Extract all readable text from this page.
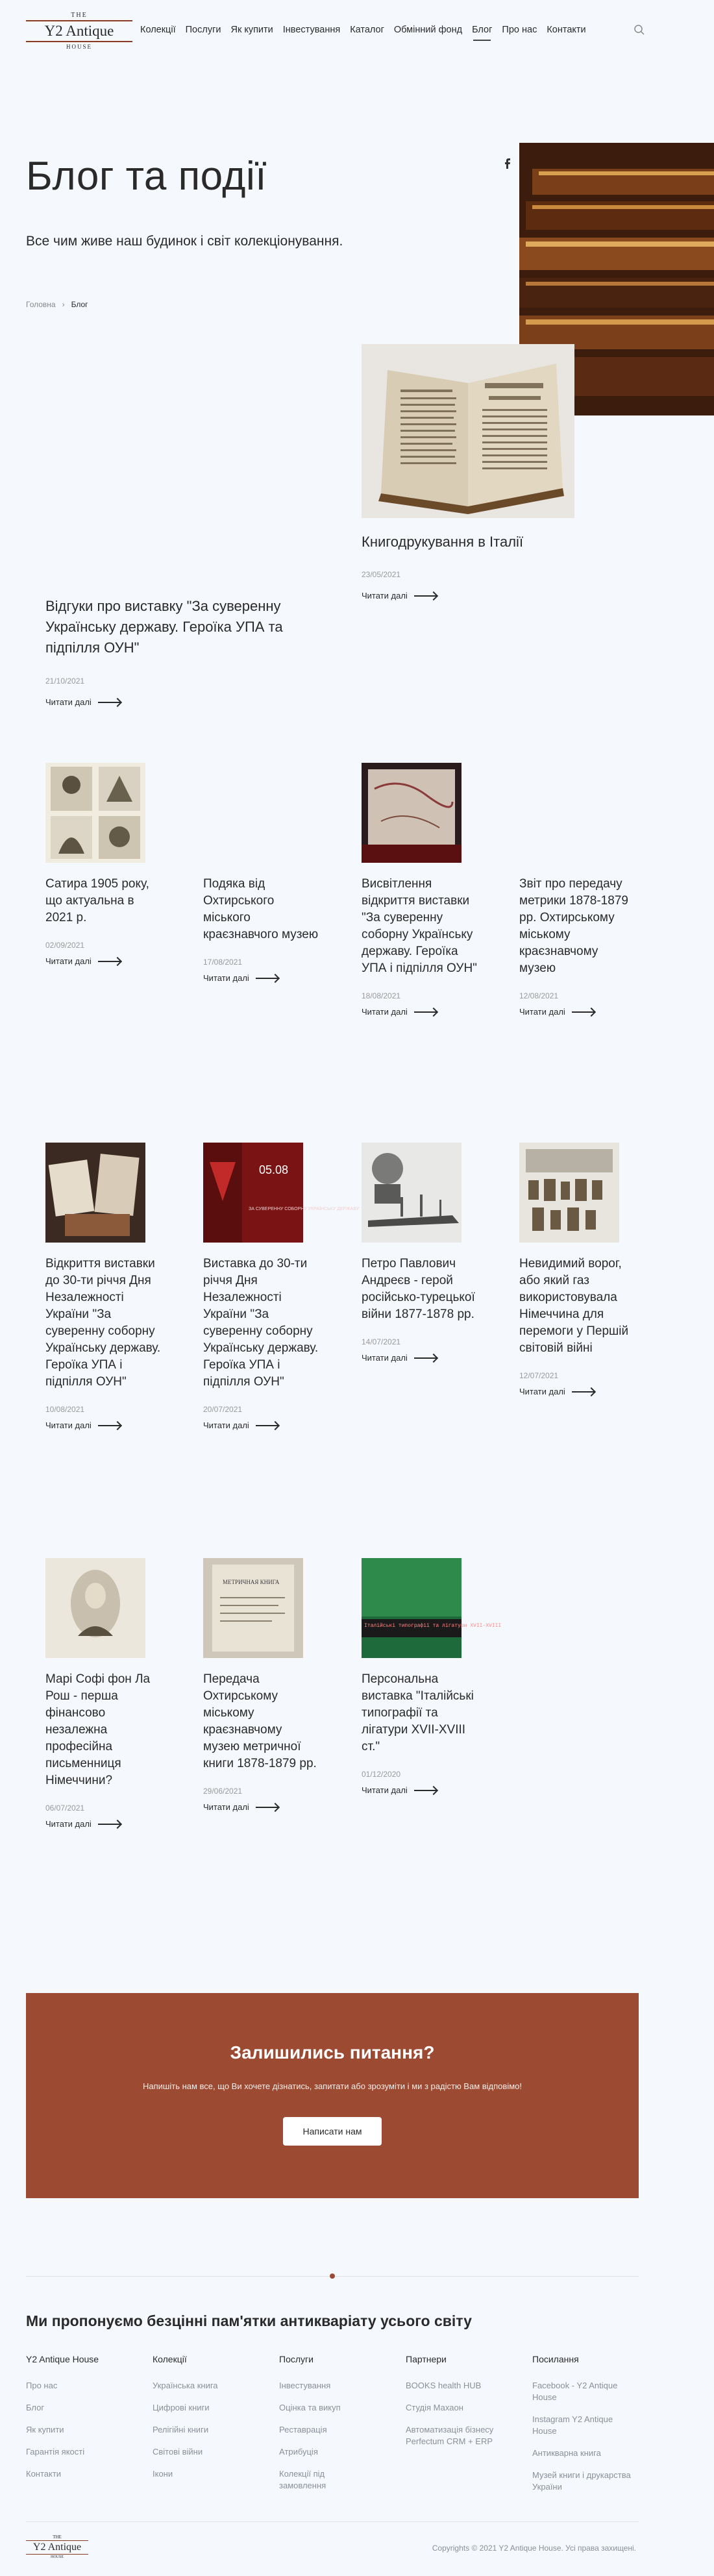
THE
Y2 Antique
HOUSE
Колекції Послуги Як купити Інвестування Каталог Обмінний фонд Блог Про нас Контакти
Блог та події

Все чим живе наш будинок і світ колекціонування.

Головна › Блог
Книгодрукування в Італії
23/05/2021
Читати далі
Відгуки про виставку "За суверенну Українську державу. Героїка УПА та підпілля ОУН"
21/10/2021
Читати далі
Сатира 1905 року, що актуальна в 2021 р.
02/09/2021
Читати далі
Подяка від Охтирського міського краєзнавчого музею
17/08/2021
Читати далі
Висвітлення відкриття виставки "За суверенну соборну Українську державу. Героїка УПА і підпілля ОУН"
18/08/2021
Читати далі
Звіт про передачу метрики 1878-1879 рр. Охтирському міському краєзнавчому музею
12/08/2021
Читати далі
Відкриття виставки до 30-ти річчя Дня Незалежності України "За суверенну соборну Українську державу. Героїка УПА і підпілля ОУН"
10/08/2021
Читати далі
05.08
ЗА СУВЕРЕННУ СОБОРНУ УКРАЇНСЬКУ ДЕРЖАВУ
Виставка до 30-ти річчя Дня Незалежності України "За суверенну соборну Українську державу. Героїка УПА і підпілля ОУН"
20/07/2021
Читати далі
Петро Павлович Андреєв - герой російсько-турецької війни 1877-1878 рр.
14/07/2021
Читати далі
Невидимий ворог, або який газ використовувала Німеччина для перемоги у Першій світовій війні
12/07/2021
Читати далі
Марі Софі фон Ла Рош - перша фінансово незалежна професійна письменниця Німеччини?
06/07/2021
Читати далі
МЕТРИЧНАЯ КНИГА
Передача Охтирському міському краєзнавчому музею метричної книги 1878-1879 рр.
29/06/2021
Читати далі
Італійські типографії та лігатури XVII-XVIII
Персональна виставка "Італійські типографії та лігатури XVII-XVIII ст."
01/12/2020
Читати далі
Залишились питання?

Напишіть нам все, що Ви хочете дізнатись, запитати або зрозуміти і ми з радістю Вам відповімо!

Написати нам
Ми пропонуємо безцінні пам'ятки антикваріату усього світу
Y2 Antique House
Про нас
Блог
Як купити
Гарантія якості
Контакти
Колекції
Українська книга
Цифрові книги
Релігійні книги
Світові війни
Ікони
Послуги
Інвестування
Оцінка та викуп
Реставрація
Атрибуція
Колекції під замовлення
Партнери
BOOKS health HUB
Студія Махаон
Автоматизація бізнесу Perfectum CRM + ERP
Посилання
Facebook - Y2 Antique House
Instagram Y2 Antique House
Антикварна книга
Музей книги і друкарства України
THE
Y2 Antique
HOUSE
Copyrights © 2021 Y2 Antique House. Усі права захищені.
